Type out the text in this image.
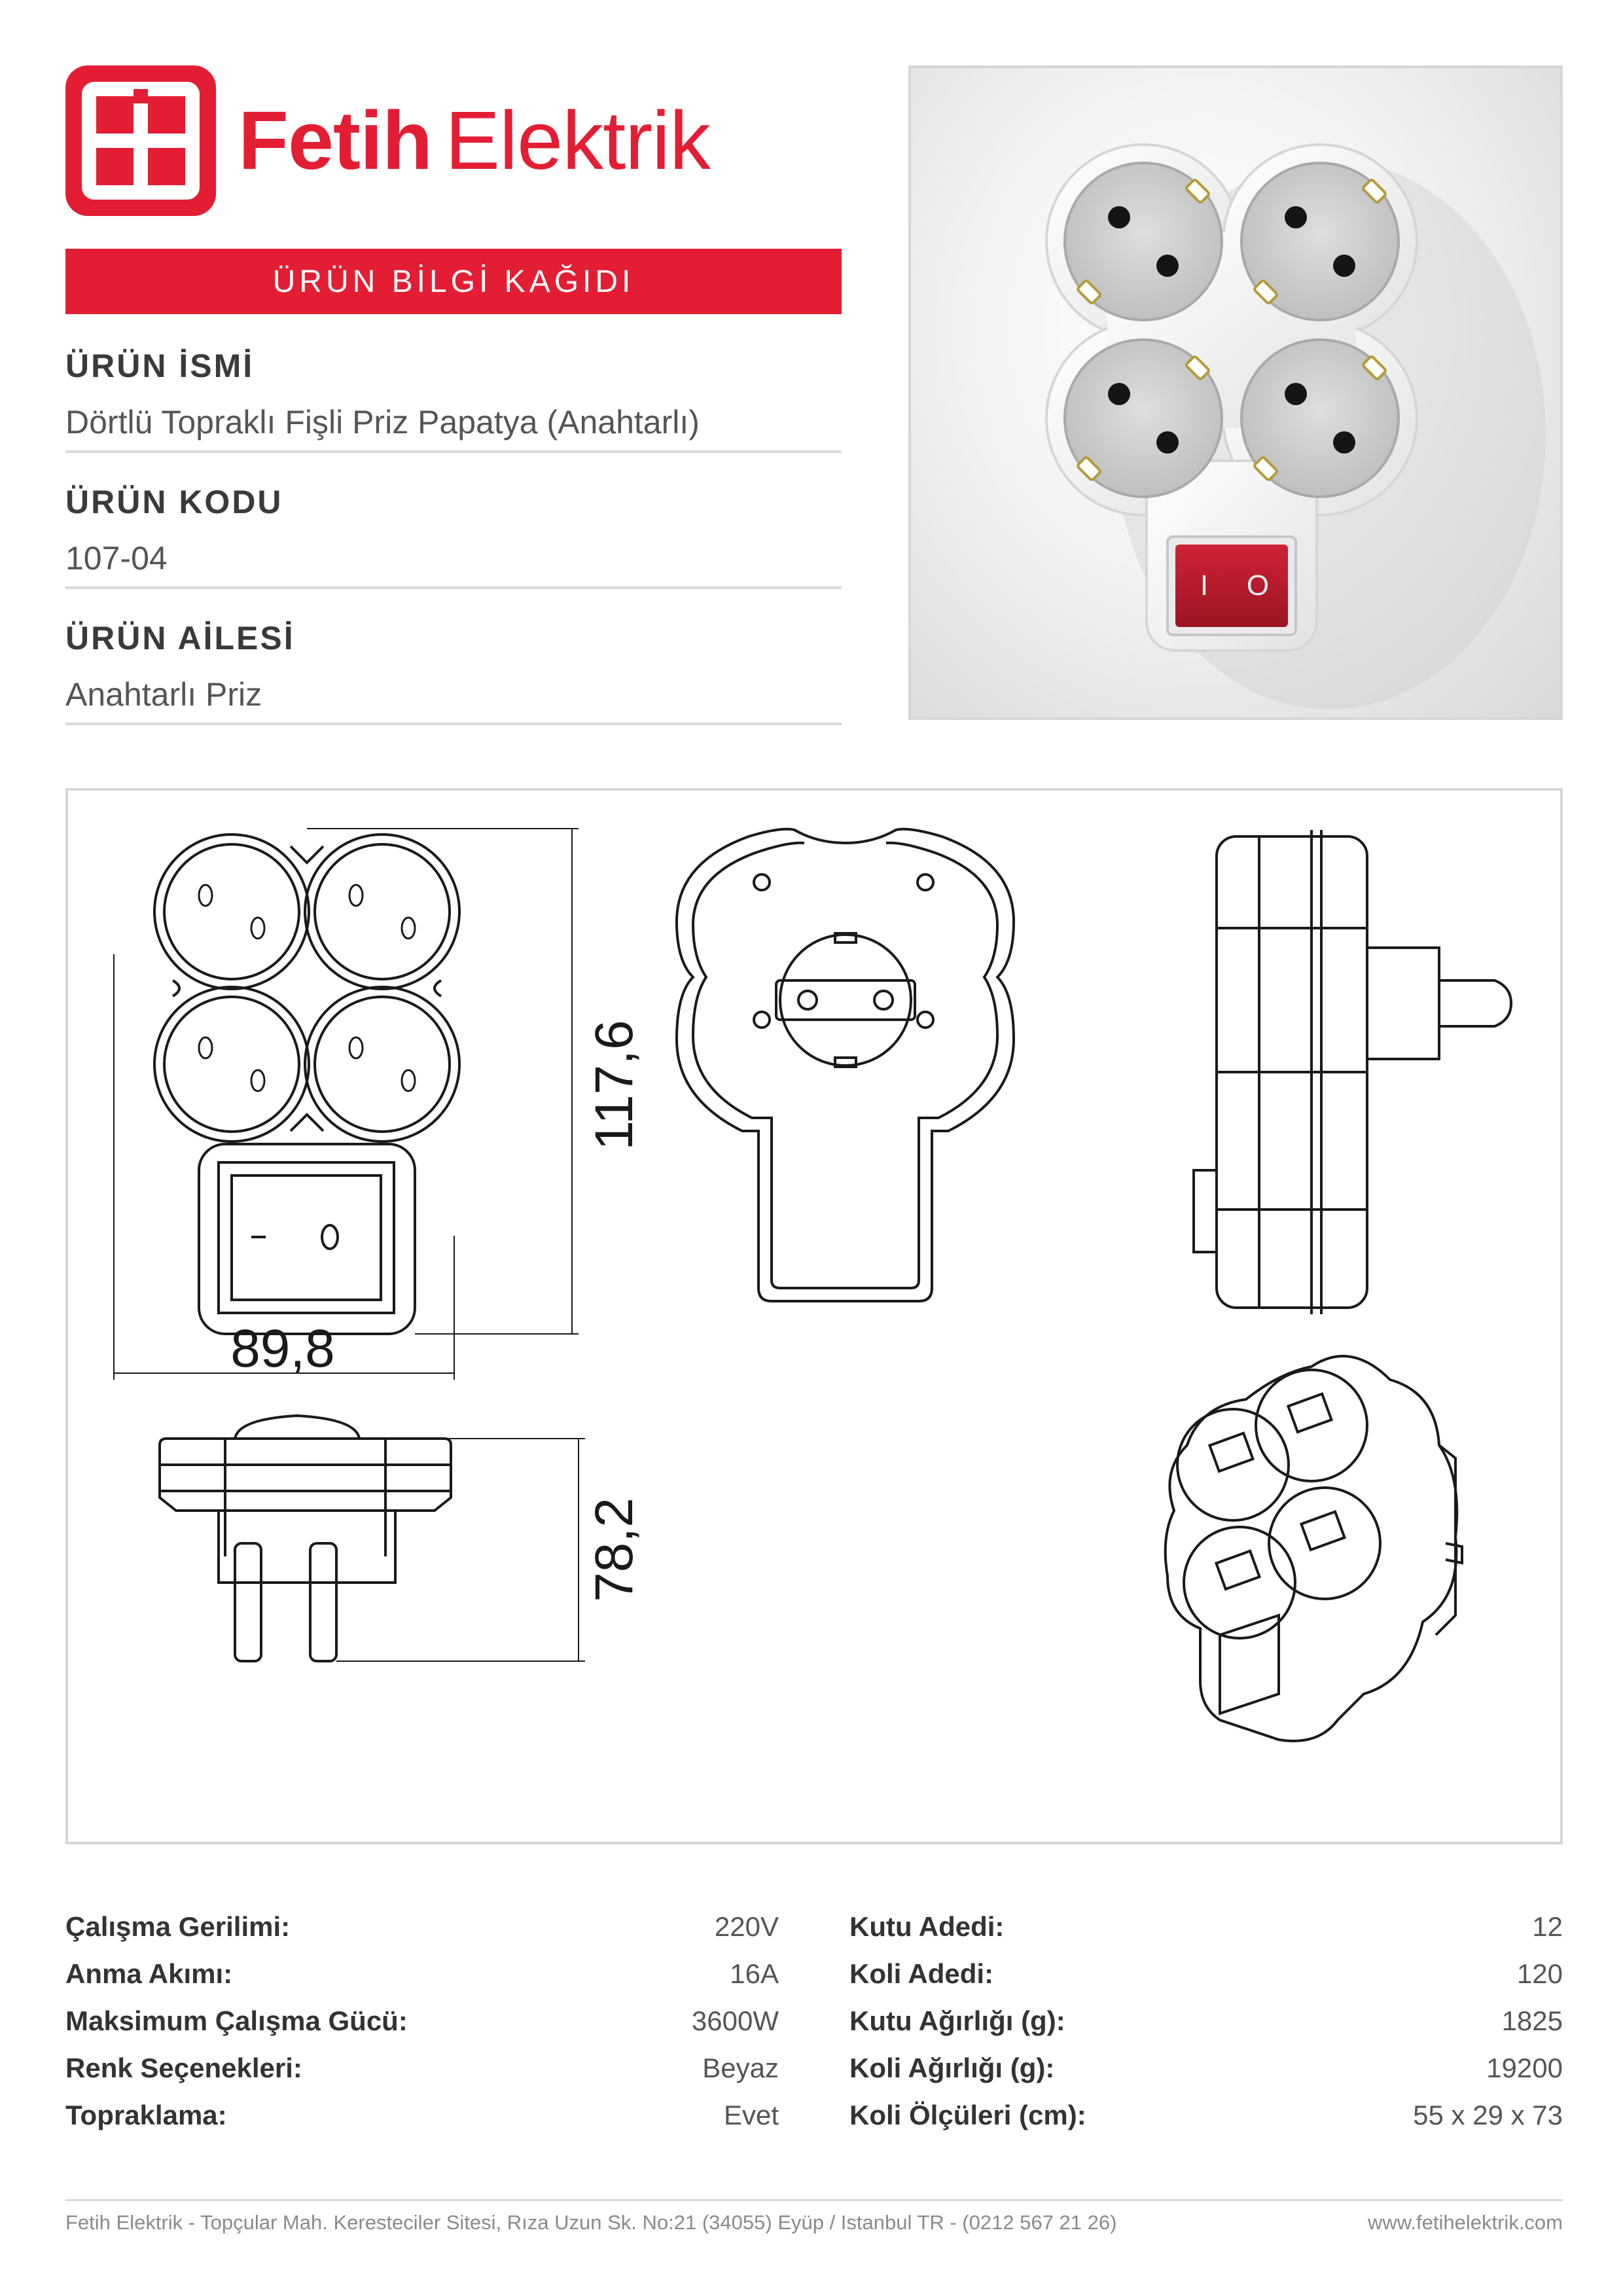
Fetih Elektrik
ÜRÜN BİLGİ KAĞIDI
ÜRÜN İSMİ
Dörtlü Topraklı Fişli Priz Papatya (Anahtarlı)
ÜRÜN KODU
107-04
ÜRÜN AİLESİ
Anahtarlı Priz
I O
89,8
117,6
78,2
Çalışma Gerilimi:	220V
Anma Akımı:	16A
Maksimum Çalışma Gücü:	3600W
Renk Seçenekleri:	Beyaz
Topraklama:	Evet
Kutu Adedi:	12
Koli Adedi:	120
Kutu Ağırlığı (g):	1825
Koli Ağırlığı (g):	19200
Koli Ölçüleri (cm):	55 x 29 x 73
Fetih Elektrik - Topçular Mah. Keresteciler Sitesi, Rıza Uzun Sk. No:21 (34055) Eyüp / Istanbul TR - (0212 567 21 26)	www.fetihelektrik.com
